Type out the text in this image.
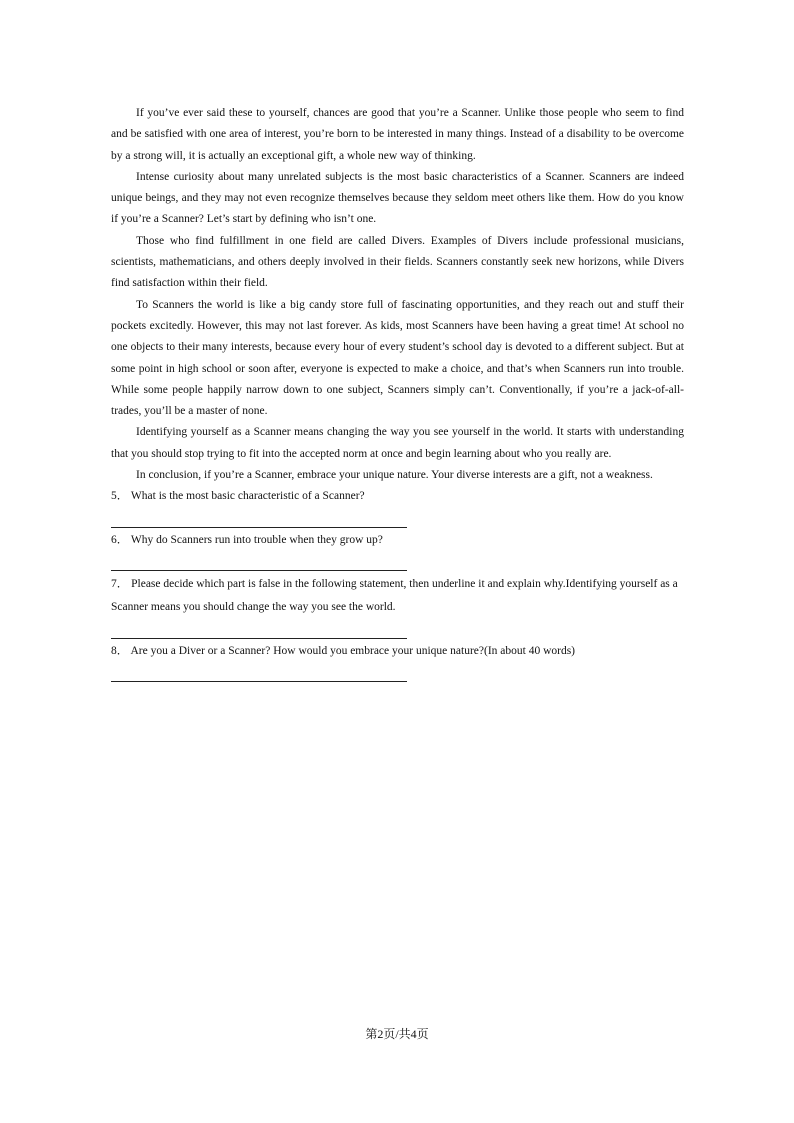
If you’ve ever said these to yourself, chances are good that you’re a Scanner. Unlike those people who seem to find and be satisfied with one area of interest, you’re born to be interested in many things. Instead of a disability to be overcome by a strong will, it is actually an exceptional gift, a whole new way of thinking.

Intense curiosity about many unrelated subjects is the most basic characteristics of a Scanner. Scanners are indeed unique beings, and they may not even recognize themselves because they seldom meet others like them. How do you know if you’re a Scanner? Let’s start by defining who isn’t one.

Those who find fulfillment in one field are called Divers. Examples of Divers include professional musicians, scientists, mathematicians, and others deeply involved in their fields. Scanners constantly seek new horizons, while Divers find satisfaction within their field.

To Scanners the world is like a big candy store full of fascinating opportunities, and they reach out and stuff their pockets excitedly. However, this may not last forever. As kids, most Scanners have been having a great time! At school no one objects to their many interests, because every hour of every student’s school day is devoted to a different subject. But at some point in high school or soon after, everyone is expected to make a choice, and that’s when Scanners run into trouble. While some people happily narrow down to one subject, Scanners simply can’t. Conventionally, if you’re a jack-of-all-trades, you’ll be a master of none.

Identifying yourself as a Scanner means changing the way you see yourself in the world. It starts with understanding that you should stop trying to fit into the accepted norm at once and begin learning about who you really are.

In conclusion, if you’re a Scanner, embrace your unique nature. Your diverse interests are a gift, not a weakness.

5． What is the most basic characteristic of a Scanner?

6． Why do Scanners run into trouble when they grow up?

7． Please decide which part is false in the following statement, then underline it and explain why.Identifying yourself as a Scanner means you should change the way you see the world.

8． Are you a Diver or a Scanner? How would you embrace your unique nature?(In about 40 words)

第2页/共4页
